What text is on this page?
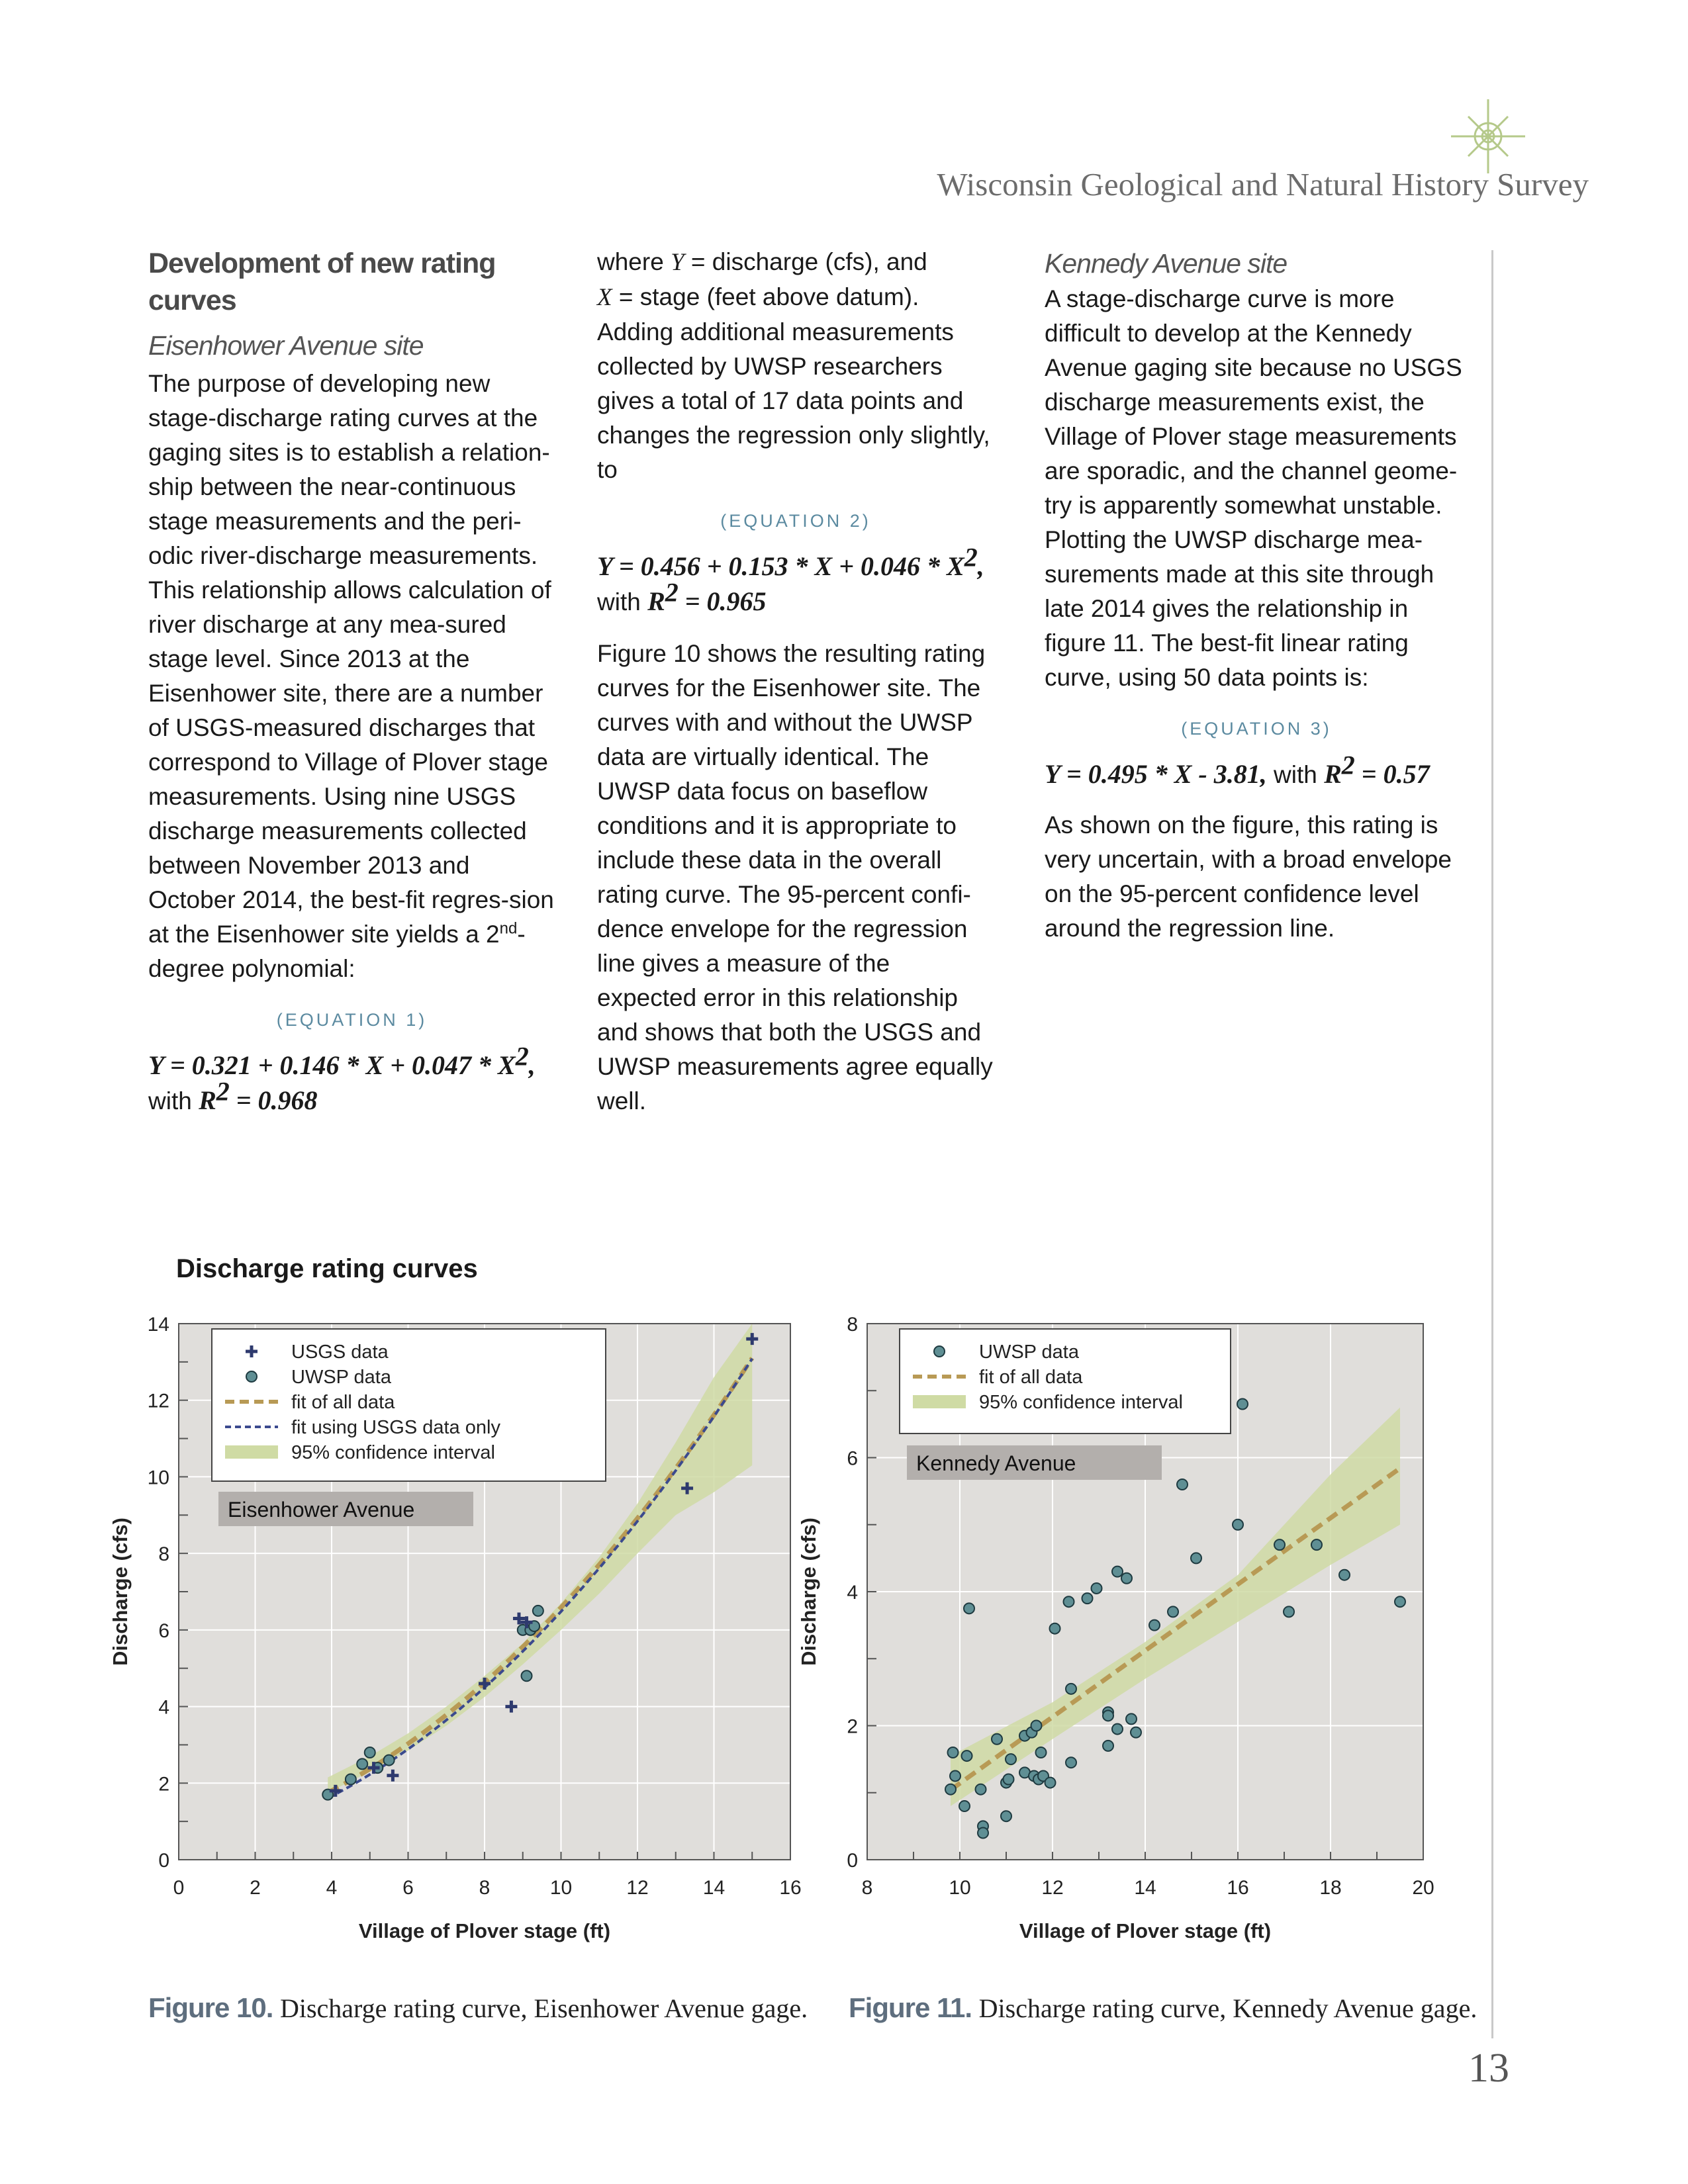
Wisconsin Geological and Natural History Survey

Development of new rating curves

Eisenhower Avenue site

The purpose of developing new stage-discharge rating curves at the gaging sites is to establish a relation-ship between the near-continuous stage measurements and the peri-odic river-discharge measurements. This relationship allows calculation of river discharge at any mea-sured stage level. Since 2013 at the Eisenhower site, there are a number of USGS-measured discharges that correspond to Village of Plover stage measurements. Using nine USGS discharge measurements collected between November 2013 and October 2014, the best-fit regres-sion at the Eisenhower site yields a 2nd-degree polynomial:

(EQUATION 1)

$Y = 0.321 + 0.146 * X + 0.047 * X^2$,
with $R^2 = 0.968$

where Y = discharge (cfs), and
X = stage (feet above datum). Adding additional measurements collected by UWSP researchers gives a total of 17 data points and changes the regression only slightly, to

(EQUATION 2)

$Y = 0.456 + 0.153 * X + 0.046 * X^2$,
with $R^2 = 0.965$

Figure 10 shows the resulting rating curves for the Eisenhower site. The curves with and without the UWSP data are virtually identical. The UWSP data focus on baseflow conditions and it is appropriate to include these data in the overall rating curve. The 95-percent confi-dence envelope for the regression line gives a measure of the expected error in this relationship and shows that both the USGS and UWSP measurements agree equally well.

Kennedy Avenue site

A stage-discharge curve is more difficult to develop at the Kennedy Avenue gaging site because no USGS discharge measurements exist, the Village of Plover stage measurements are sporadic, and the channel geome-try is apparently somewhat unstable. Plotting the UWSP discharge mea-surements made at this site through late 2014 gives the relationship in figure 11. The best-fit linear rating curve, using 50 data points is:

(EQUATION 3)

Y = 0.495 * X - 3.81, with $R^2 = 0.57$

As shown on the figure, this rating is very uncertain, with a broad envelope on the 95-percent confidence level around the regression line.

Discharge rating curves
0	2	4	6	8	10	12	14	16
0
2
4
6
8
10
12
14
Village of Plover stage (ft)
Discharge (cfs)
USGS data
UWSP data
fit of all data
fit using USGS data only
95% confidence interval
Eisenhower Avenue
8	10	12	14	16	18	20
0
2
4
6
8
Village of Plover stage (ft)
Discharge (cfs)
UWSP data
fit of all data
95% confidence interval
Kennedy Avenue
Figure 10. Discharge rating curve, Eisenhower Avenue gage. Figure 11. Discharge rating curve, Kennedy Avenue gage.
13
